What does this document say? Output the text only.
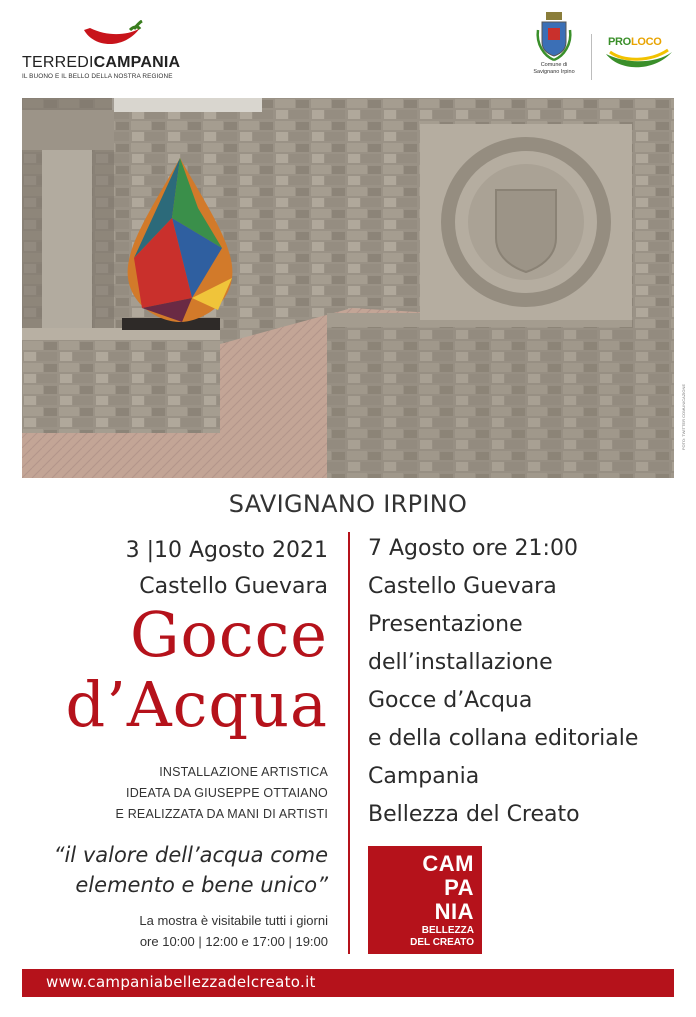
TERREDICAMPANIA
IL BUONO E IL BELLO DELLA NOSTRA REGIONE
Comune di
Savignano Irpino
PROLOCO
FOTO: TWITTER COMUNICAZIONE
SAVIGNANO IRPINO
3 |10 Agosto 2021
Castello Guevara
Gocce
d’Acqua
INSTALLAZIONE ARTISTICA
IDEATA DA GIUSEPPE OTTAIANO
E REALIZZATA DA MANI DI ARTISTI
“il valore dell’acqua come
elemento e bene unico”
La mostra è visitabile tutti i giorni
ore 10:00 | 12:00 e 17:00 | 19:00
7 Agosto ore 21:00
Castello Guevara
Presentazione
dell’installazione
Gocce d’Acqua
e della collana editoriale
Campania
Bellezza del Creato
CAM
PA
NIA
BELLEZZA
DEL CREATO
www.campaniabellezzadelcreato.it
